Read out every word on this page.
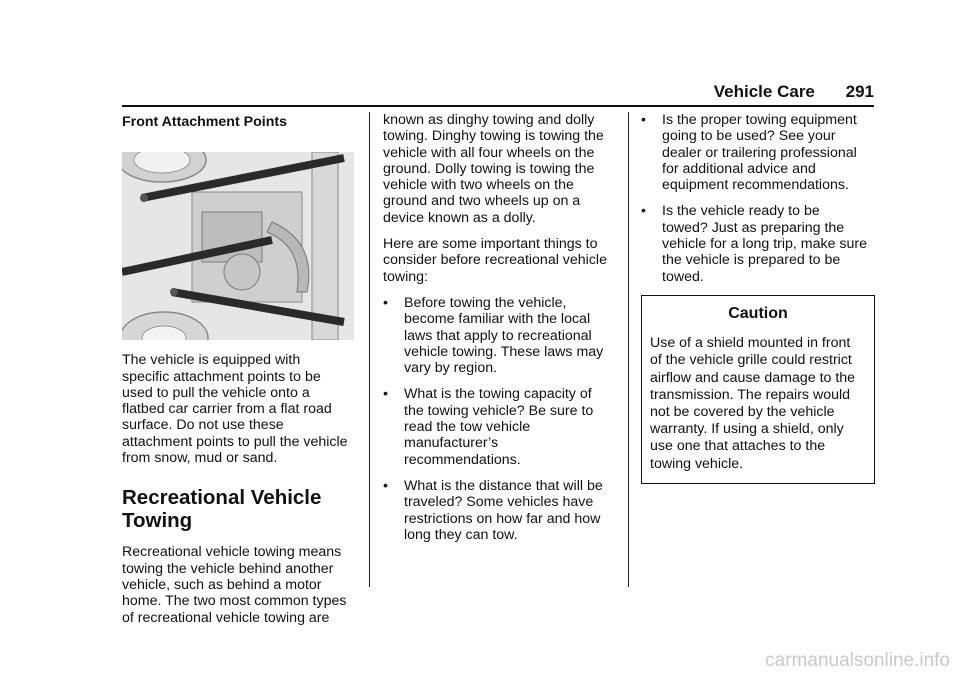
Vehicle Care 291
Front Attachment Points

The vehicle is equipped with
specific attachment points to be
used to pull the vehicle onto a
flatbed car carrier from a flat road
surface. Do not use these
attachment points to pull the vehicle
from snow, mud or sand.

Recreational Vehicle
Towing

Recreational vehicle towing means
towing the vehicle behind another
vehicle, such as behind a motor
home. The two most common types
of recreational vehicle towing are

known as dinghy towing and dolly
towing. Dinghy towing is towing the
vehicle with all four wheels on the
ground. Dolly towing is towing the
vehicle with two wheels on the
ground and two wheels up on a
device known as a dolly.

Here are some important things to
consider before recreational vehicle
towing:

• Before towing the vehicle,
become familiar with the local
laws that apply to recreational
vehicle towing. These laws may
vary by region.
• What is the towing capacity of
the towing vehicle? Be sure to
read the tow vehicle
manufacturer’s
recommendations.
• What is the distance that will be
traveled? Some vehicles have
restrictions on how far and how
long they can tow.
• Is the proper towing equipment
going to be used? See your
dealer or trailering professional
for additional advice and
equipment recommendations.
• Is the vehicle ready to be
towed? Just as preparing the
vehicle for a long trip, make sure
the vehicle is prepared to be
towed.
Caution
Use of a shield mounted in front
of the vehicle grille could restrict
airflow and cause damage to the
transmission. The repairs would
not be covered by the vehicle
warranty. If using a shield, only
use one that attaches to the
towing vehicle.
carmanualsonline.info
